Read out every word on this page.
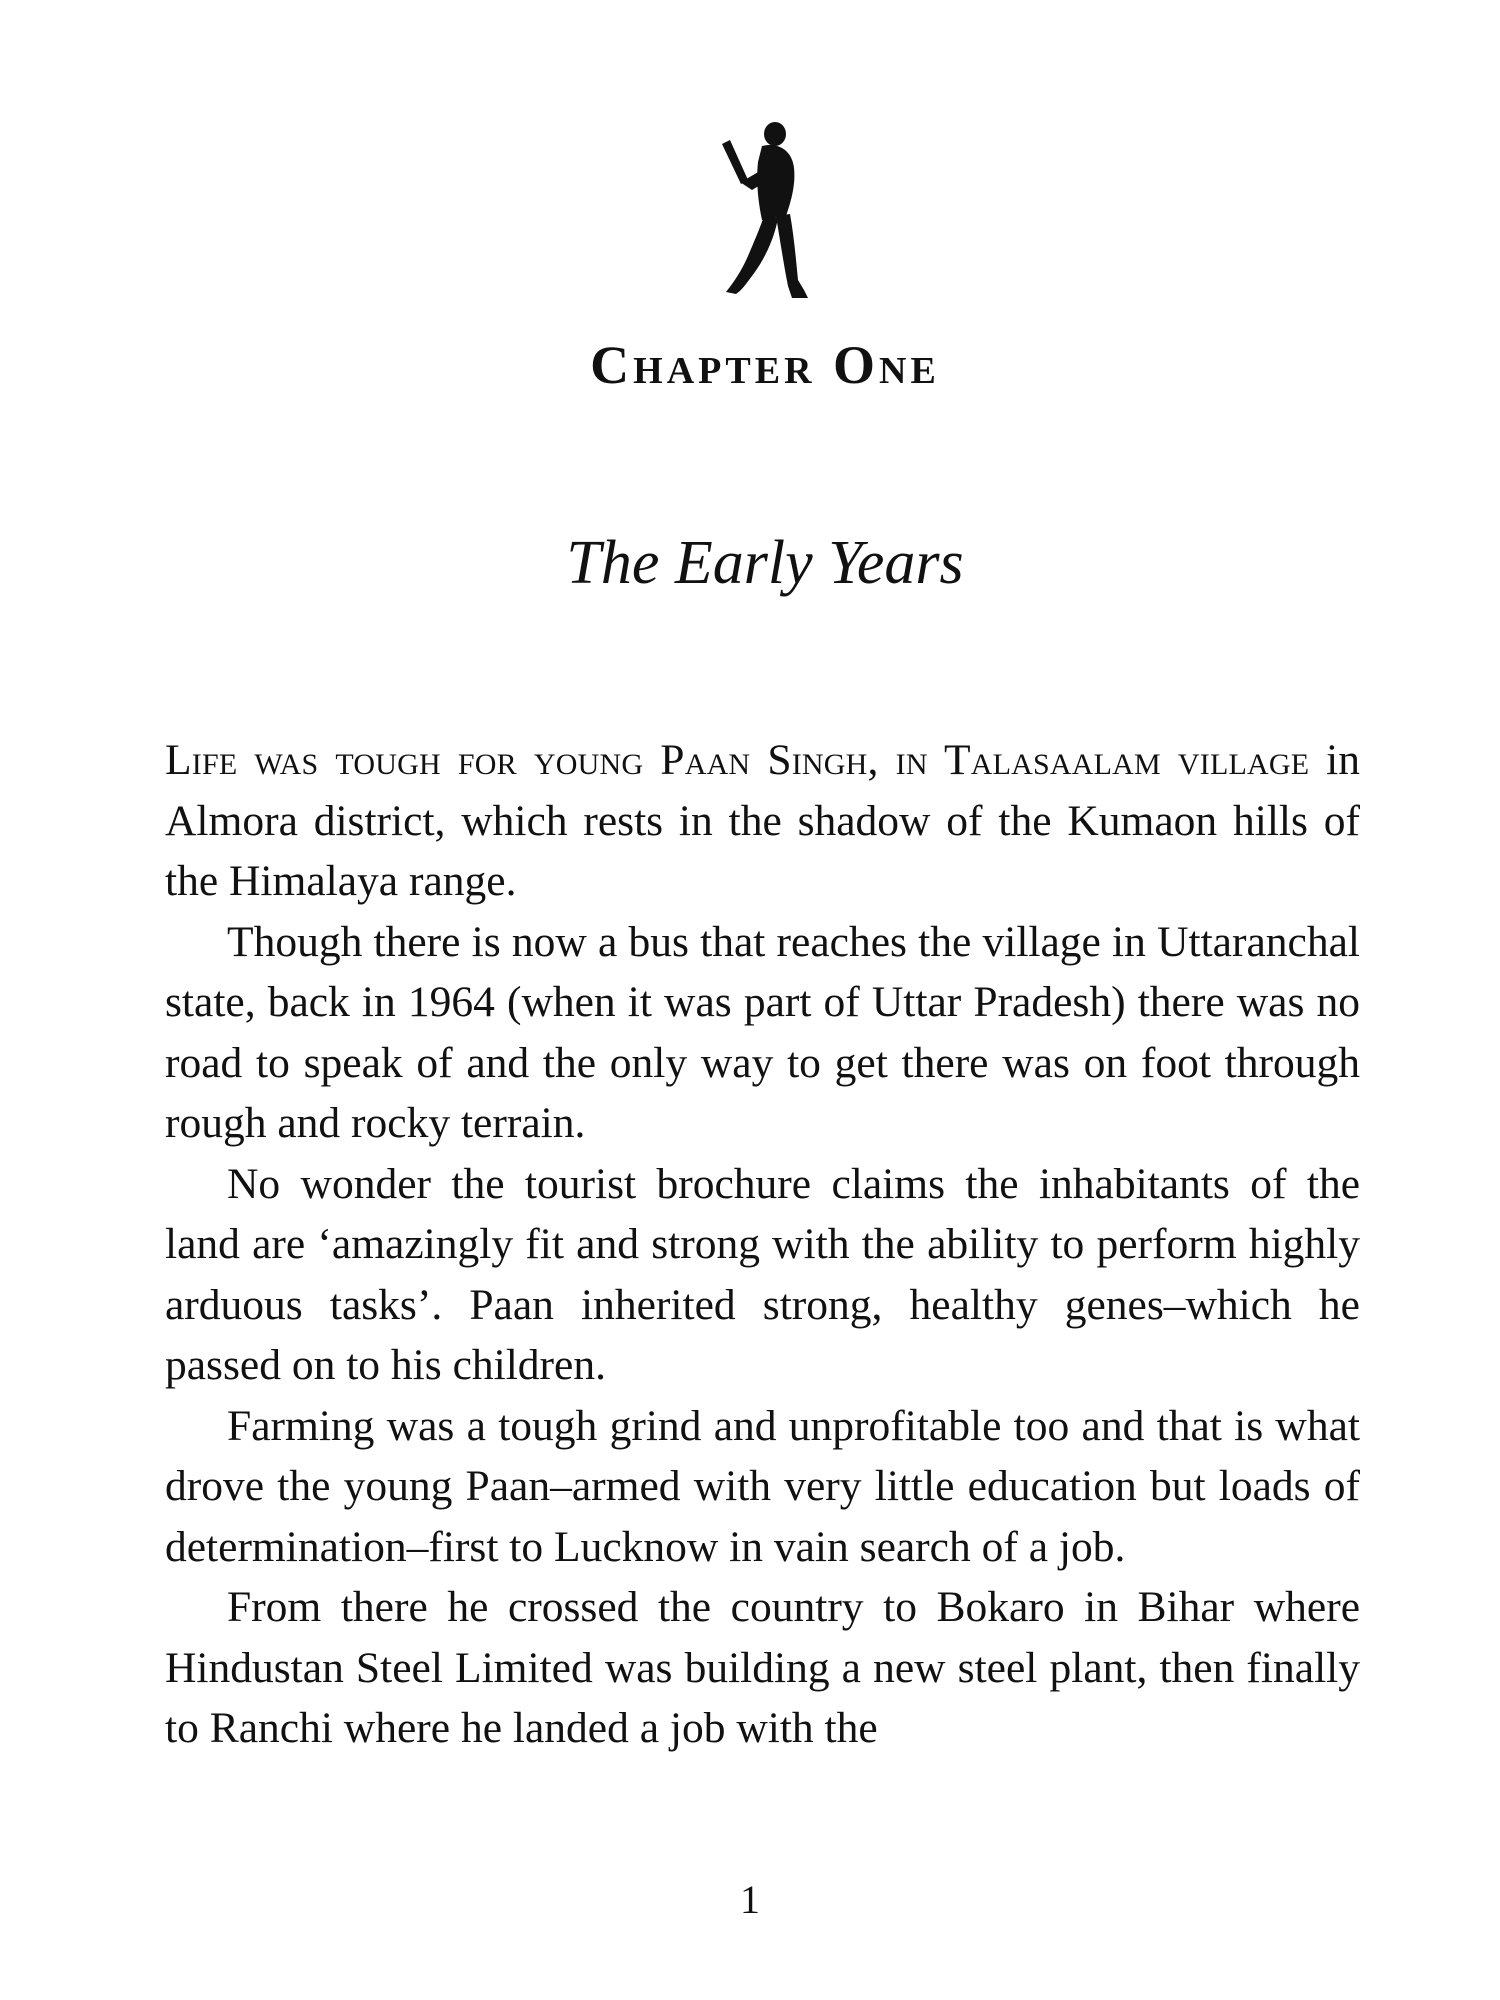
Chapter One
The Early Years

Life was tough for young Paan Singh, in Talasaalam village in Almora district, which rests in the shadow of the Kumaon hills of the Himalaya range.

Though there is now a bus that reaches the village in Uttaranchal state, back in 1964 (when it was part of Uttar Pradesh) there was no road to speak of and the only way to get there was on foot through rough and rocky terrain.

No wonder the tourist brochure claims the inhabitants of the land are ‘amazingly fit and strong with the ability to perform highly arduous tasks’. Paan inherited strong, healthy genes–which he passed on to his children.

Farming was a tough grind and unprofitable too and that is what drove the young Paan–armed with very little education but loads of determination–first to Lucknow in vain search of a job.

From there he crossed the country to Bokaro in Bihar where Hindustan Steel Limited was building a new steel plant, then finally to Ranchi where he landed a job with the

1
